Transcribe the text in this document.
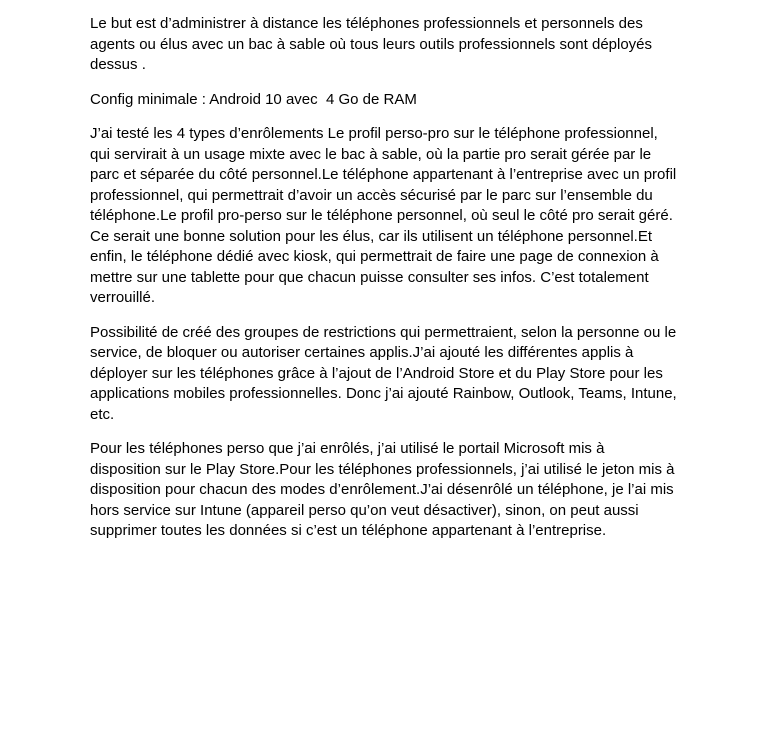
Le but est d’administrer à distance les téléphones professionnels et personnels des agents ou élus avec un bac à sable où tous leurs outils professionnels sont déployés dessus .

Config minimale : Android 10 avec  4 Go de RAM

J’ai testé les 4 types d’enrôlements Le profil perso-pro sur le téléphone professionnel, qui servirait à un usage mixte avec le bac à sable, où la partie pro serait gérée par le parc et séparée du côté personnel.Le téléphone appartenant à l’entreprise avec un profil professionnel, qui permettrait d’avoir un accès sécurisé par le parc sur l’ensemble du téléphone.Le profil pro-perso sur le téléphone personnel, où seul le côté pro serait géré. Ce serait une bonne solution pour les élus, car ils utilisent un téléphone personnel.Et enfin, le téléphone dédié avec kiosk, qui permettrait de faire une page de connexion à mettre sur une tablette pour que chacun puisse consulter ses infos. C’est totalement verrouillé.

Possibilité de créé des groupes de restrictions qui permettraient, selon la personne ou le service, de bloquer ou autoriser certaines applis.J’ai ajouté les différentes applis à déployer sur les téléphones grâce à l’ajout de l’Android Store et du Play Store pour les applications mobiles professionnelles. Donc j’ai ajouté Rainbow, Outlook, Teams, Intune, etc.

Pour les téléphones perso que j’ai enrôlés, j’ai utilisé le portail Microsoft mis à disposition sur le Play Store.Pour les téléphones professionnels, j’ai utilisé le jeton mis à disposition pour chacun des modes d’enrôlement.J’ai désenrôlé un téléphone, je l’ai mis hors service sur Intune (appareil perso qu’on veut désactiver), sinon, on peut aussi supprimer toutes les données si c’est un téléphone appartenant à l’entreprise.
